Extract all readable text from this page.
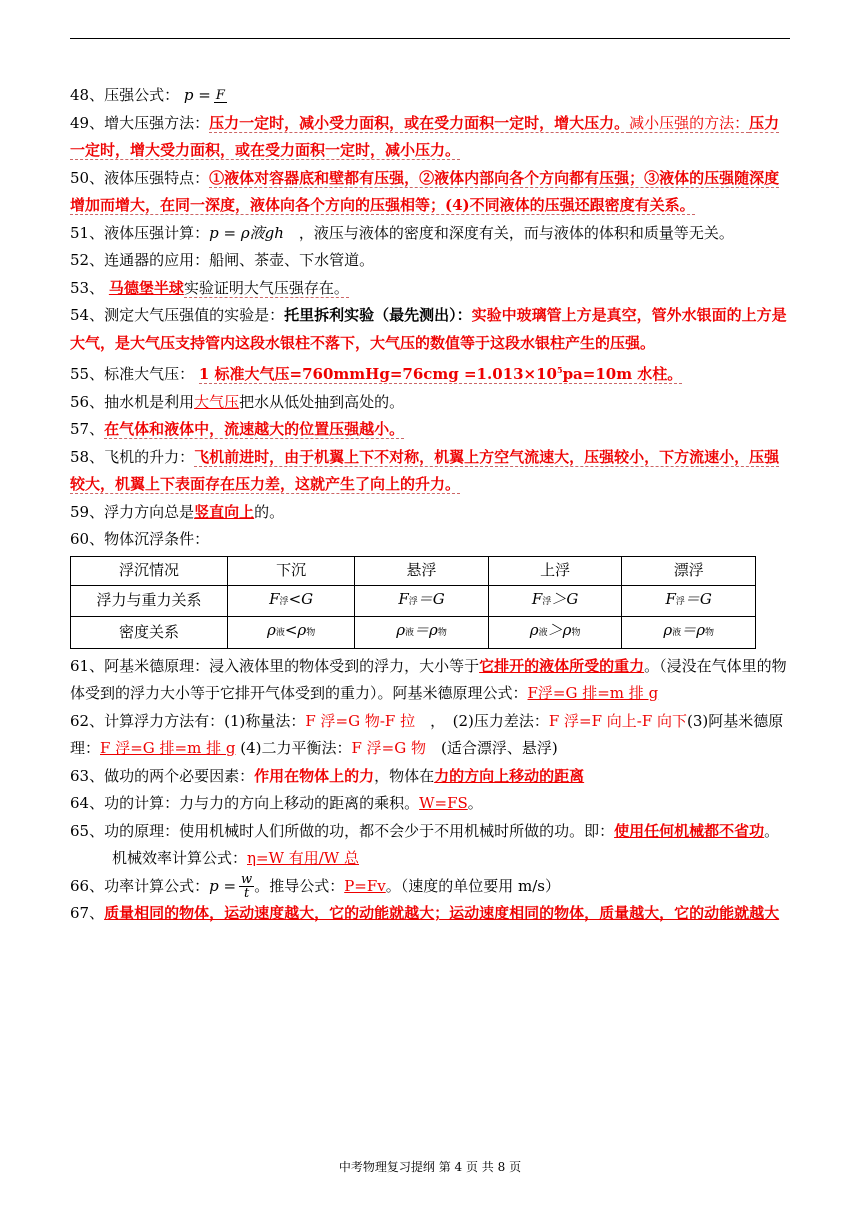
48、压强公式： p = F

49、增大压强方法：压力一定时，减小受力面积，或在受力面积一定时，增大压力。减小压强的方法：压力一定时，增大受力面积，或在受力面积一定时，减小压力。

50、液体压强特点：①液体对容器底和壁都有压强，②液体内部向各个方向都有压强；③液体的压强随深度增加而增大，在同一深度，液体向各个方向的压强相等；(4)不同液体的压强还跟密度有关系。

51、液体压强计算：p = ρ液gh　 ，液压与液体的密度和深度有关，而与液体的体积和质量等无关。

52、连通器的应用：船闸、茶壶、下水管道。

53、 马德堡半球实验证明大气压强存在。

54、测定大气压强值的实验是：托里拆利实验（最先测出）：实验中玻璃管上方是真空，管外水银面的上方是大气，是大气压支持管内这段水银柱不落下，大气压的数值等于这段水银柱产生的压强。

55、标准大气压： 1 标准大气压=760mmHg=76cmg $=1.013\times 10^5pa=10m$ 水柱。

56、抽水机是利用大气压把水从低处抽到高处的。

57、在气体和液体中，流速越大的位置压强越小。

58、飞机的升力：飞机前进时，由于机翼上下不对称，机翼上方空气流速大，压强较小，下方流速小，压强较大，机翼上下表面存在压力差，这就产生了向上的升力。

59、浮力方向总是竖直向上的。

60、物体沉浮条件：

浮沉情况	下沉	悬浮	上浮	漂浮
浮力与重力关系	F浮<G	F浮＝G	F浮＞G	F浮＝G
密度关系	ρ液<ρ物	ρ液＝ρ物	ρ液＞ρ物	ρ液＝ρ物

61、阿基米德原理：浸入液体里的物体受到的浮力，大小等于它排开的液体所受的重力。（浸没在气体里的物体受到的浮力大小等于它排开气体受到的重力）。阿基米德原理公式：F浮=G 排=m 排 g

62、计算浮力方法有：(1)称量法：F 浮=G 物-F 拉　，　(2)压力差法：F 浮=F 向上-F 向下(3)阿基米德原理：F 浮=G 排=m 排 g (4)二力平衡法：F 浮=G 物　(适合漂浮、悬浮)

63、做功的两个必要因素：作用在物体上的力，物体在力的方向上移动的距离

64、功的计算：力与力的方向上移动的距离的乘积。W=FS。

65、功的原理：使用机械时人们所做的功，都不会少于不用机械时所做的功。即：使用任何机械都不省功。

机械效率计算公式：η=W 有用/W 总

66、功率计算公式：$p = \frac{w}{t}$ 。推导公式：P=Fv。（速度的单位要用 m/s）

67、质量相同的物体，运动速度越大，它的动能就越大；运动速度相同的物体，质量越大，它的动能就越大

中考物理复习提纲 第 4 页 共 8 页
